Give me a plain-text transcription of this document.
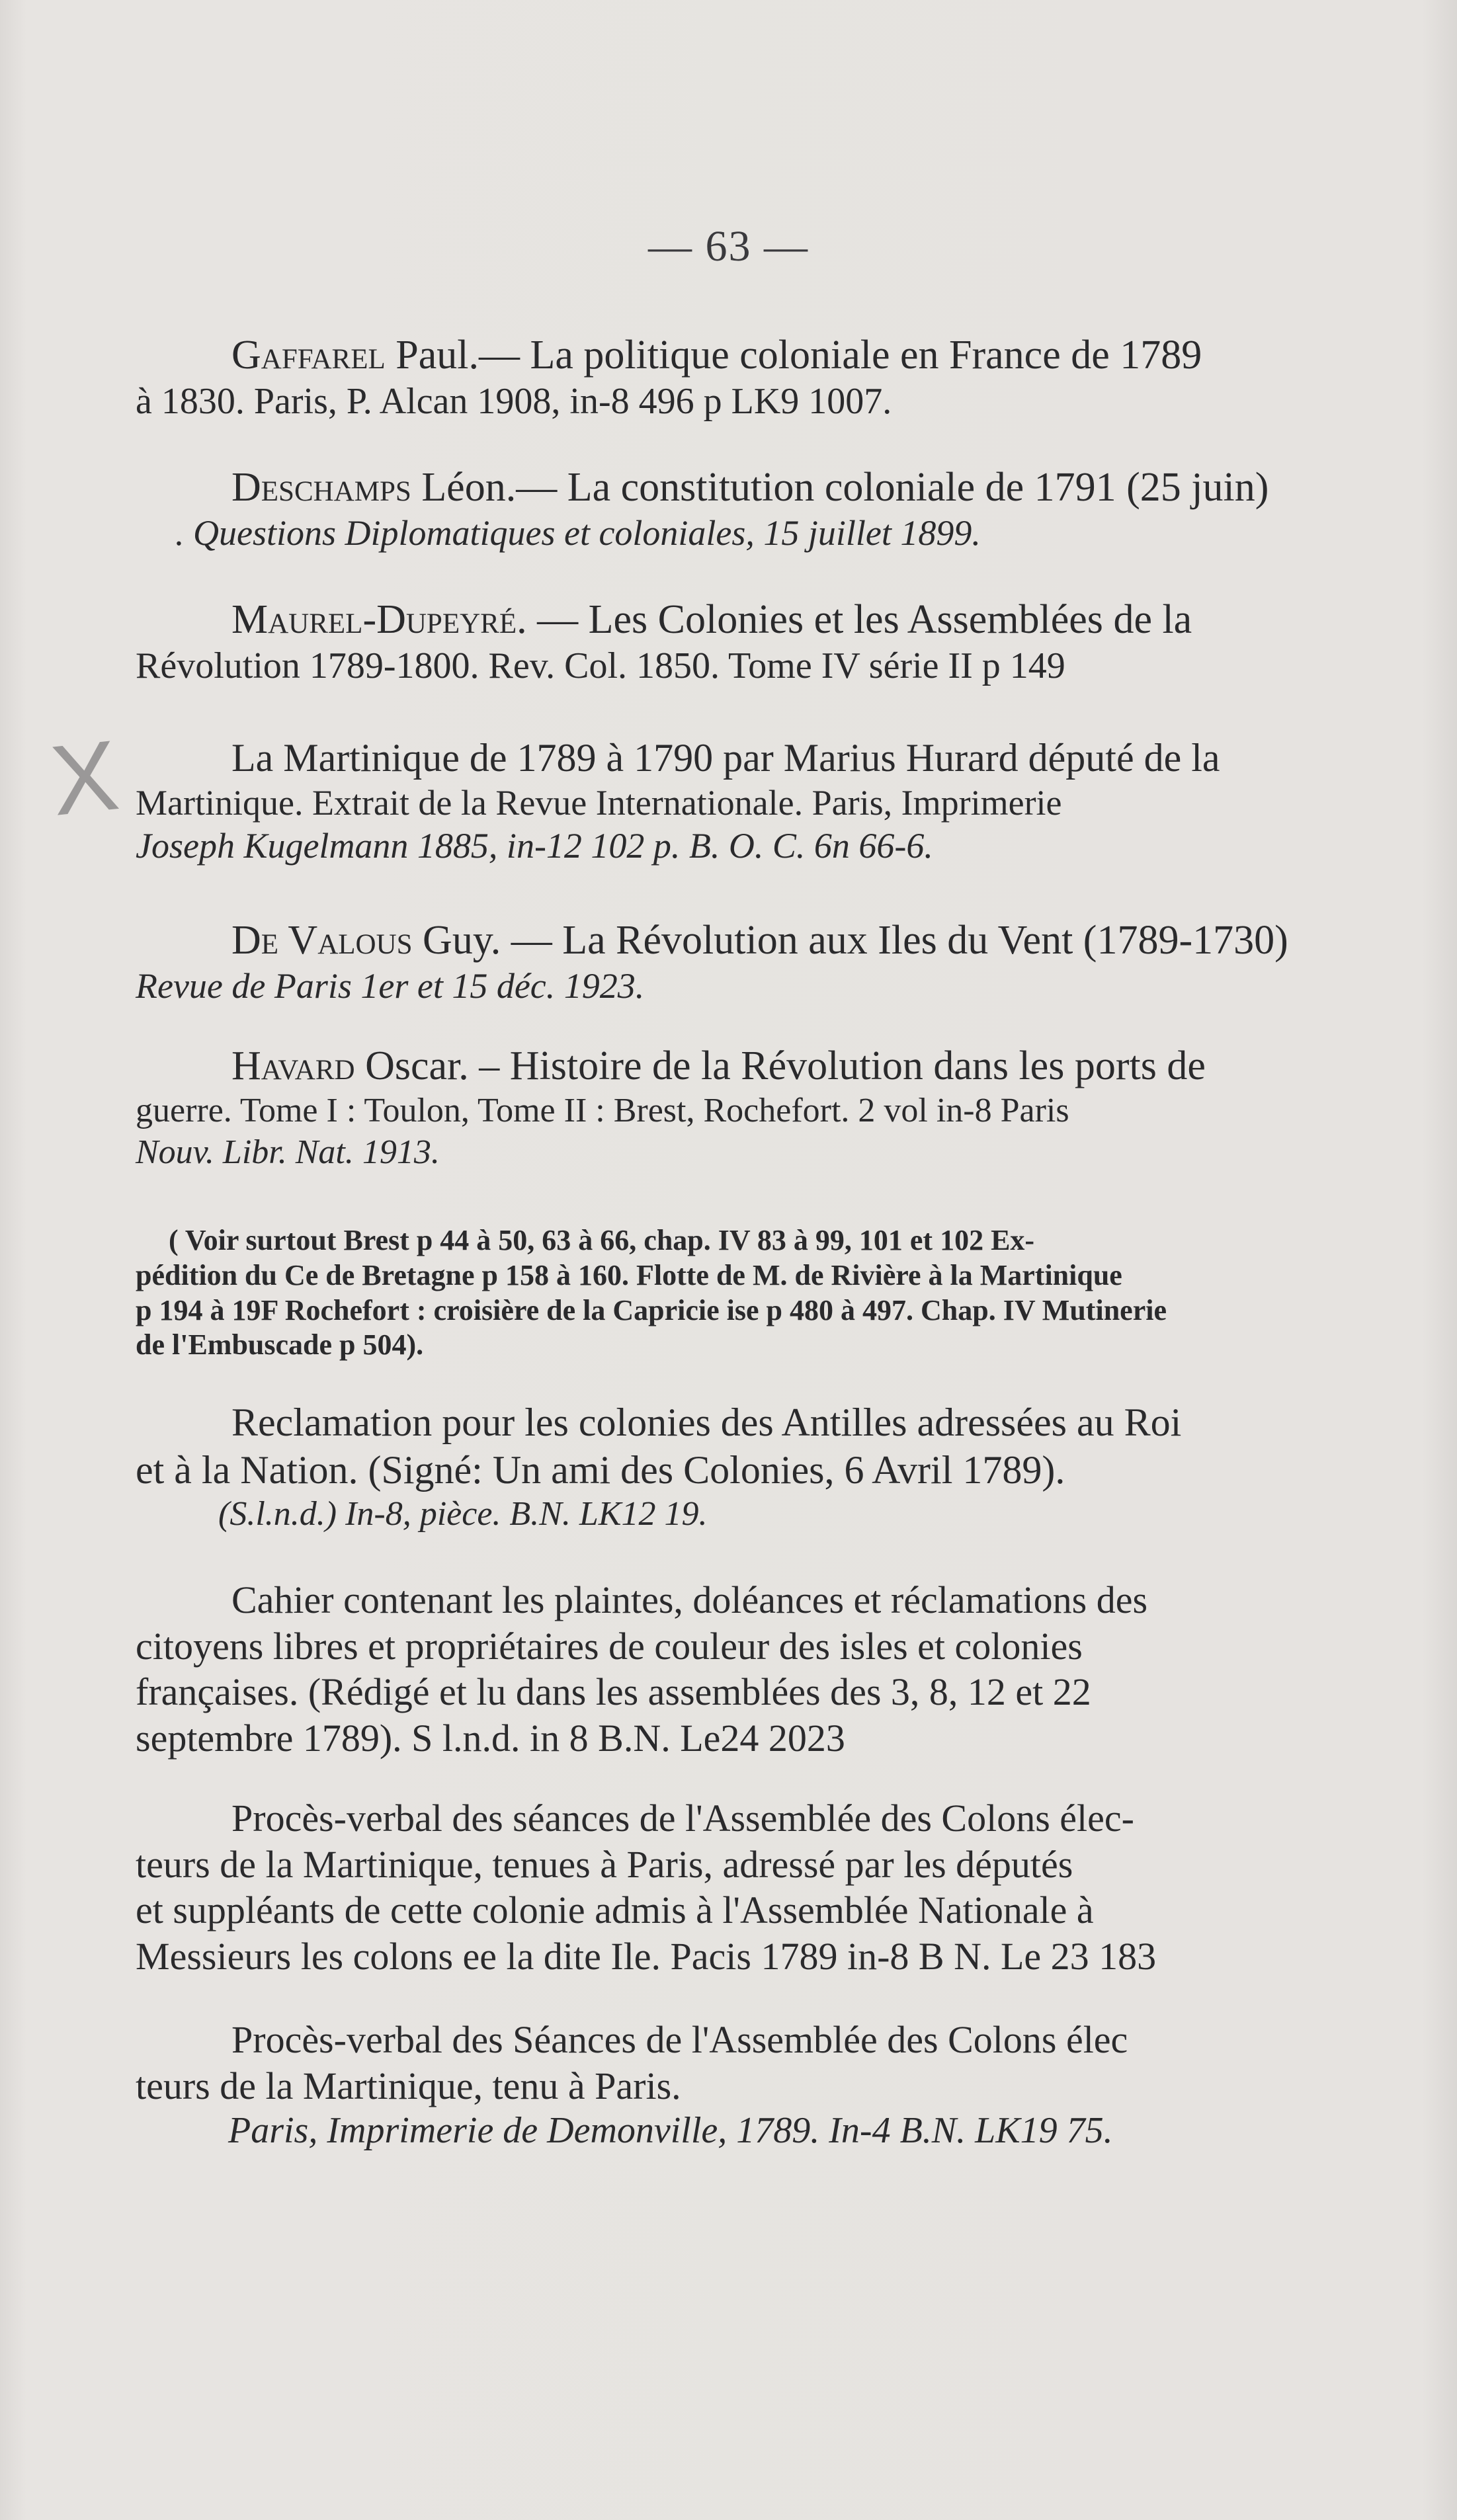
— 63 —
X
Gaffarel Paul.— La politique coloniale en France de 1789
à 1830. Paris, P. Alcan 1908, in-8 496 p LK9 1007.
Deschamps Léon.— La constitution coloniale de 1791 (25 juin)
. Questions Diplomatiques et coloniales, 15 juillet 1899.
Maurel-Dupeyré. — Les Colonies et les Assemblées de la
Révolution 1789-1800. Rev. Col. 1850. Tome IV série II p 149
La Martinique de 1789 à 1790 par Marius Hurard député de la
Martinique. Extrait de la Revue Internationale. Paris, Imprimerie
Joseph Kugelmann 1885, in-12 102 p. B. O. C. 6n 66-6.
De Valous Guy. — La Révolution aux Iles du Vent (1789-1730)
Revue de Paris 1er et 15 déc. 1923.
Havard Oscar. – Histoire de la Révolution dans les ports de
guerre. Tome I : Toulon, Tome II : Brest, Rochefort. 2 vol in-8 Paris
Nouv. Libr. Nat. 1913.
( Voir surtout Brest p 44 à 50, 63 à 66, chap. IV 83 à 99, 101 et 102 Ex-
pédition du Ce de Bretagne p 158 à 160. Flotte de M. de Rivière à la Martinique
p 194 à 19F Rochefort : croisière de la Capricie ise p 480 à 497. Chap. IV Mutinerie
de l'Embuscade p 504).
Reclamation pour les colonies des Antilles adressées au Roi
et à la Nation. (Signé: Un ami des Colonies, 6 Avril 1789).
(S.l.n.d.) In-8, pièce. B.N. LK12 19.
Cahier contenant les plaintes, doléances et réclamations des
citoyens libres et propriétaires de couleur des isles et colonies
françaises. (Rédigé et lu dans les assemblées des 3, 8, 12 et 22
septembre 1789). S l.n.d. in 8 B.N. Le24 2023
Procès-verbal des séances de l'Assemblée des Colons élec-
teurs de la Martinique, tenues à Paris, adressé par les députés
et suppléants de cette colonie admis à l'Assemblée Nationale à
Messieurs les colons ee la dite Ile. Pacis 1789 in-8 B N. Le 23 183
Procès-verbal des Séances de l'Assemblée des Colons élec
teurs de la Martinique, tenu à Paris.
Paris, Imprimerie de Demonville, 1789. In-4 B.N. LK19 75.
